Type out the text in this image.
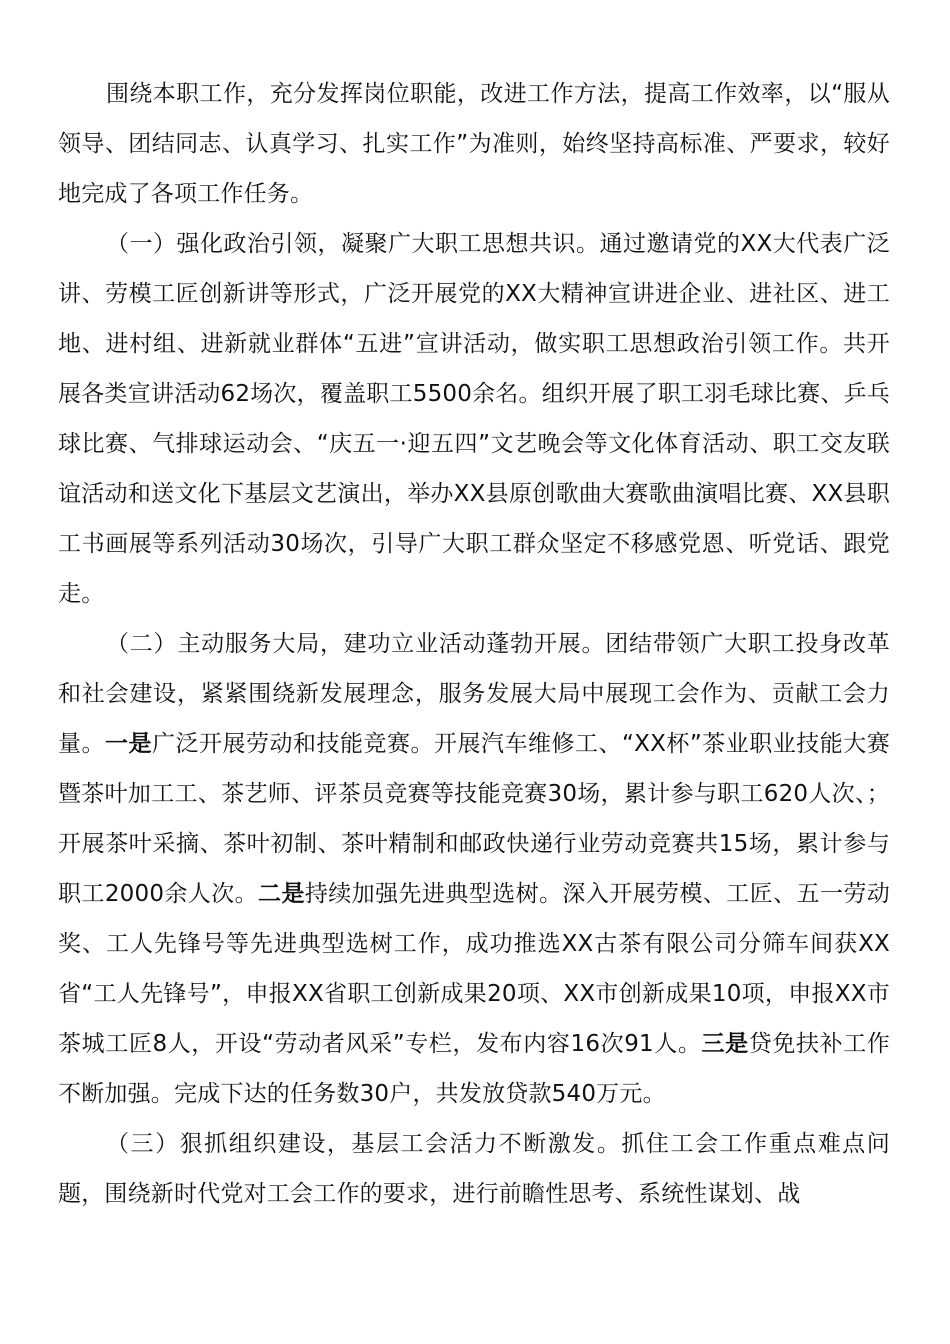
围绕本职工作，充分发挥岗位职能，改进工作方法，提高工作效率，以“服从领导、团结同志、认真学习、扎实工作”为准则，始终坚持高标准、严要求，较好地完成了各项工作任务。

（一）强化政治引领，凝聚广大职工思想共识。通过邀请党的XX大代表广泛讲、劳模工匠创新讲等形式，广泛开展党的XX大精神宣讲进企业、进社区、进工地、进村组、进新就业群体“五进”宣讲活动，做实职工思想政治引领工作。共开展各类宣讲活动62场次，覆盖职工5500余名。组织开展了职工羽毛球比赛、乒乓球比赛、气排球运动会、“庆五一·迎五四”文艺晚会等文化体育活动、职工交友联谊活动和送文化下基层文艺演出，举办XX县原创歌曲大赛歌曲演唱比赛、XX县职工书画展等系列活动30场次，引导广大职工群众坚定不移感党恩、听党话、跟党走。

（二）主动服务大局，建功立业活动蓬勃开展。团结带领广大职工投身改革和社会建设，紧紧围绕新发展理念，服务发展大局中展现工会作为、贡献工会力量。一是广泛开展劳动和技能竞赛。开展汽车维修工、“XX杯”茶业职业技能大赛暨茶叶加工工、茶艺师、评茶员竞赛等技能竞赛30场，累计参与职工620人次、；开展茶叶采摘、茶叶初制、茶叶精制和邮政快递行业劳动竞赛共15场，累计参与职工2000余人次。二是持续加强先进典型选树。深入开展劳模、工匠、五一劳动奖、工人先锋号等先进典型选树工作，成功推选XX古茶有限公司分筛车间获XX省“工人先锋号”，申报XX省职工创新成果20项、XX市创新成果10项，申报XX市茶城工匠8人，开设“劳动者风采”专栏，发布内容16次91人。三是贷免扶补工作不断加强。完成下达的任务数30户，共发放贷款540万元。

（三）狠抓组织建设，基层工会活力不断激发。抓住工会工作重点难点问题，围绕新时代党对工会工作的要求，进行前瞻性思考、系统性谋划、战
